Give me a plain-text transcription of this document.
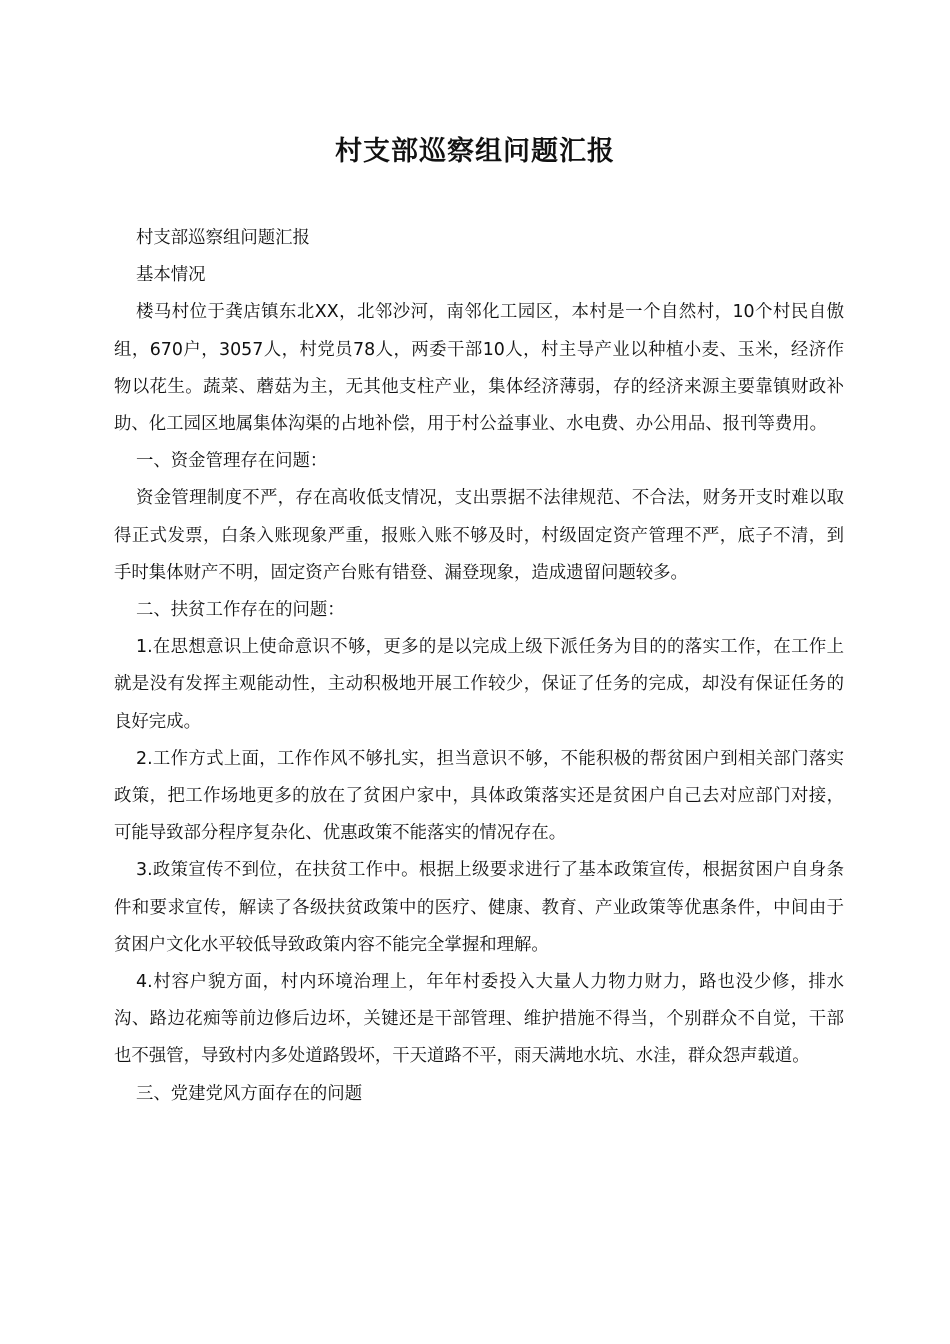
村支部巡察组问题汇报

村支部巡察组问题汇报

基本情况

楼马村位于龚店镇东北XX，北邻沙河，南邻化工园区，本村是一个自然村，10个村民自傲组，670户，3057人，村党员78人，两委干部10人，村主导产业以种植小麦、玉米，经济作物以花生。蔬菜、蘑菇为主，无其他支柱产业，集体经济薄弱，存的经济来源主要靠镇财政补助、化工园区地属集体沟渠的占地补偿，用于村公益事业、水电费、办公用品、报刊等费用。

一、资金管理存在问题：

资金管理制度不严，存在高收低支情况，支出票据不法律规范、不合法，财务开支时难以取得正式发票，白条入账现象严重，报账入账不够及时，村级固定资产管理不严，底子不清，到手时集体财产不明，固定资产台账有错登、漏登现象，造成遗留问题较多。

二、扶贫工作存在的问题：

1.在思想意识上使命意识不够，更多的是以完成上级下派任务为目的的落实工作，在工作上就是没有发挥主观能动性，主动积极地开展工作较少，保证了任务的完成，却没有保证任务的良好完成。

2.工作方式上面，工作作风不够扎实，担当意识不够，不能积极的帮贫困户到相关部门落实政策，把工作场地更多的放在了贫困户家中，具体政策落实还是贫困户自己去对应部门对接，可能导致部分程序复杂化、优惠政策不能落实的情况存在。

3.政策宣传不到位，在扶贫工作中。根据上级要求进行了基本政策宣传，根据贫困户自身条件和要求宣传，解读了各级扶贫政策中的医疗、健康、教育、产业政策等优惠条件，中间由于贫困户文化水平较低导致政策内容不能完全掌握和理解。

4.村容户貌方面，村内环境治理上，年年村委投入大量人力物力财力，路也没少修，排水沟、路边花痴等前边修后边坏，关键还是干部管理、维护措施不得当，个别群众不自觉，干部也不强管，导致村内多处道路毁坏，干天道路不平，雨天满地水坑、水洼，群众怨声载道。

三、党建党风方面存在的问题
